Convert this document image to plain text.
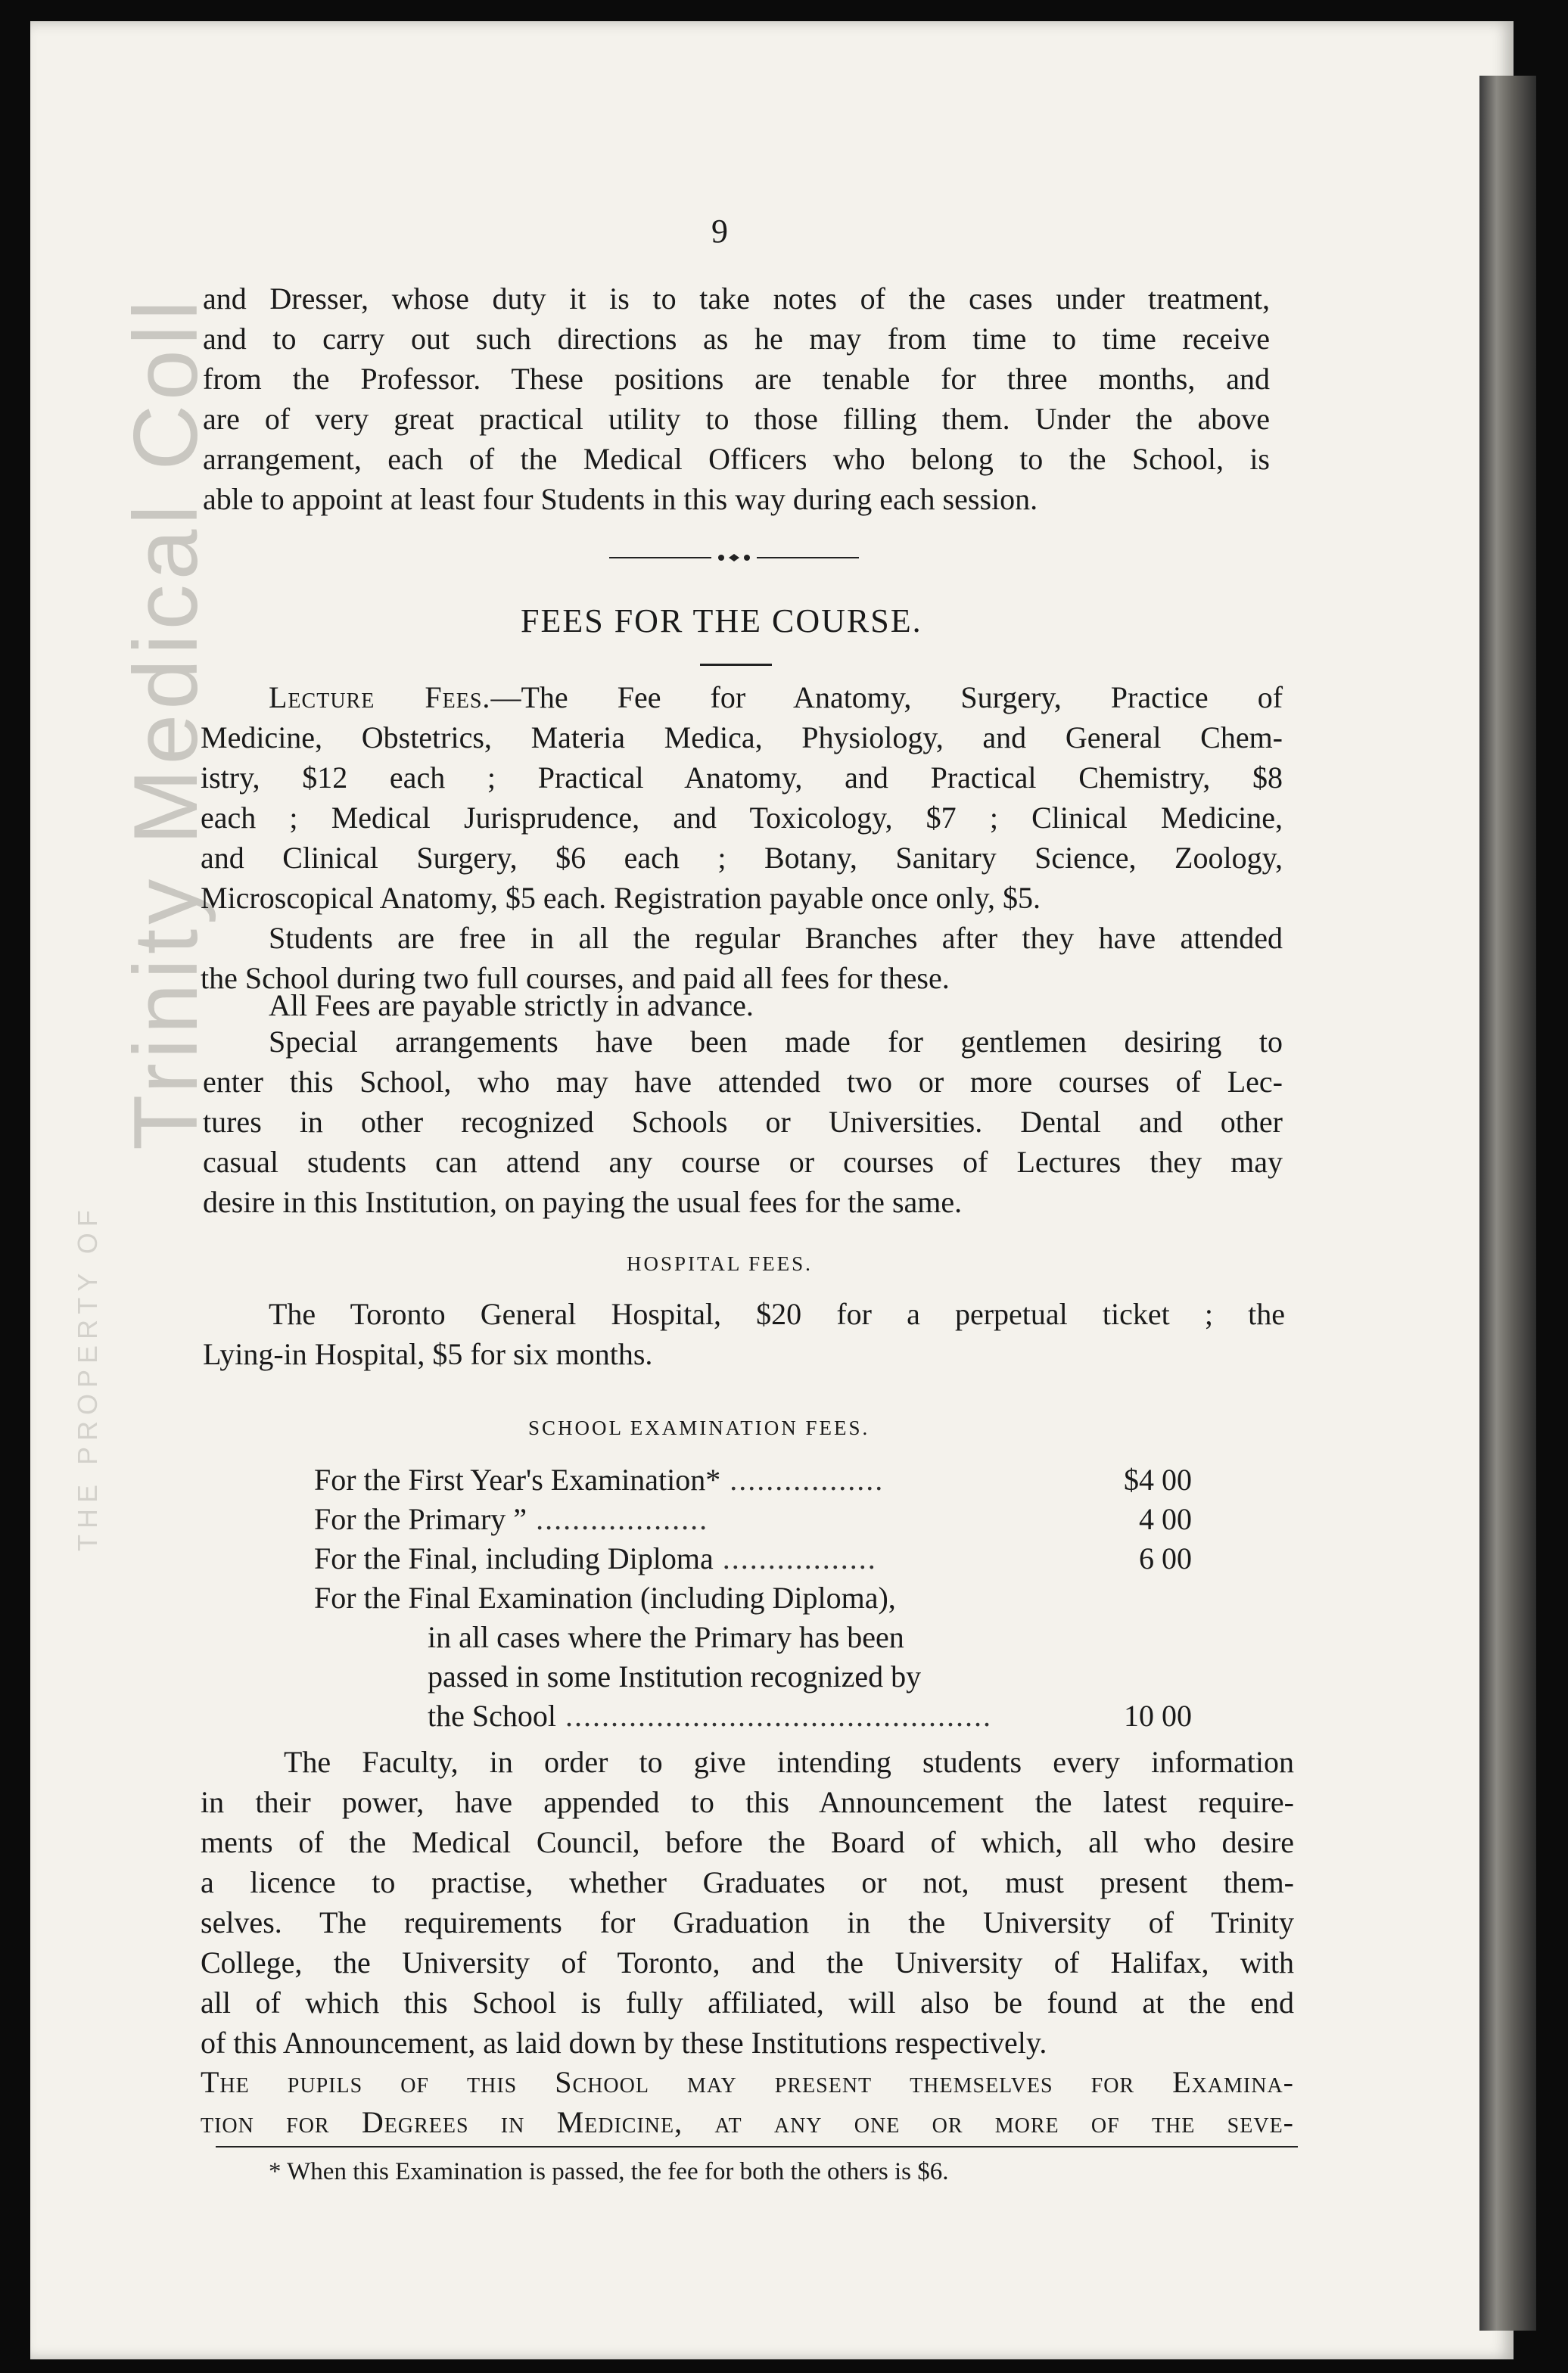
Trinity Medical Coll
THE PROPERTY OF
9
and Dresser, whose duty it is to take notes of the cases under treatment,
and to carry out such directions as he may from time to time receive
from the Professor. These positions are tenable for three months, and
are of very great practical utility to those filling them. Under the above
arrangement, each of the Medical Officers who belong to the School, is
able to appoint at least four Students in this way during each session.
FEES FOR THE COURSE.
Lecture Fees.—The Fee for Anatomy, Surgery, Practice of
Medicine, Obstetrics, Materia Medica, Physiology, and General Chem-
istry, $12 each ; Practical Anatomy, and Practical Chemistry, $8
each ; Medical Jurisprudence, and Toxicology, $7 ; Clinical Medicine,
and Clinical Surgery, $6 each ; Botany, Sanitary Science, Zoology,
Microscopical Anatomy, $5 each. Registration payable once only, $5.
Students are free in all the regular Branches after they have attended
the School during two full courses, and paid all fees for these.
All Fees are payable strictly in advance.
Special arrangements have been made for gentlemen desiring to
enter this School, who may have attended two or more courses of Lec-
tures in other recognized Schools or Universities. Dental and other
casual students can attend any course or courses of Lectures they may
desire in this Institution, on paying the usual fees for the same.
HOSPITAL FEES.
The Toronto General Hospital, $20 for a perpetual ticket ; the
Lying-in Hospital, $5 for six months.
SCHOOL EXAMINATION FEES.
For the First Year's Examination* .................	$4 00
For the Primary ” ...................	4 00
For the Final, including Diploma .................	6 00
For the Final Examination (including Diploma),
in all cases where the Primary has been
passed in some Institution recognized by
the School ...............................................	10 00
The Faculty, in order to give intending students every information
in their power, have appended to this Announcement the latest require-
ments of the Medical Council, before the Board of which, all who desire
a licence to practise, whether Graduates or not, must present them-
selves. The requirements for Graduation in the University of Trinity
College, the University of Toronto, and the University of Halifax, with
all of which this School is fully affiliated, will also be found at the end
of this Announcement, as laid down by these Institutions respectively.
The pupils of this School may present themselves for Examina-
tion for Degrees in Medicine, at any one or more of the seve-
* When this Examination is passed, the fee for both the others is $6.
